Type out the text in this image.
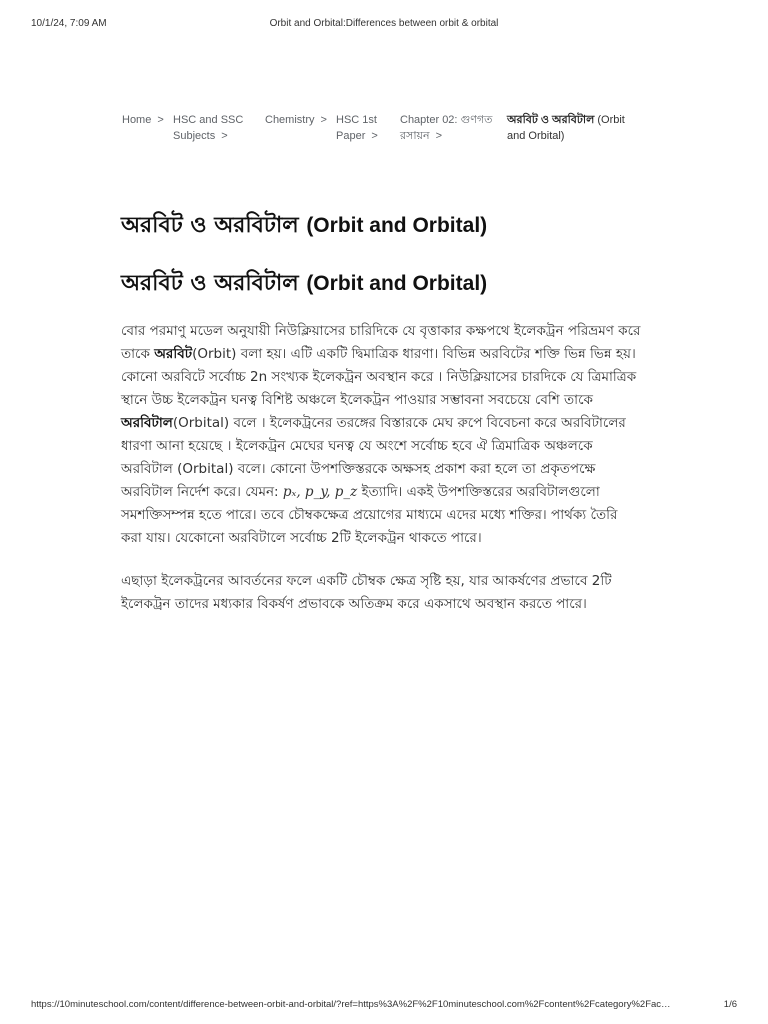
10/1/24, 7:09 AM	Orbit and Orbital:Differences between orbit & orbital
Home > HSC and SSC
Subjects >
Chemistry > HSC 1st
Paper >
Chapter 02: গুণগত
রসায়ন >
অরবিট ও অরবিটাল (Orbit
and Orbital)
অরবিট ও অরবিটাল (Orbit and Orbital)
অরবিট ও অরবিটাল (Orbit and Orbital)

বোর পরমাণু মডেল অনুযায়ী নিউক্লিয়াসের চারিদিকে যে বৃত্তাকার কক্ষপথে ইলেকট্রন পরিভ্রমণ করে তাকে অরবিট(Orbit) বলা হয়। এটি একটি দ্বিমাত্রিক ধারণা। বিভিন্ন অরবিটের শক্তি ভিন্ন ভিন্ন হয়। কোনো অরবিটে সর্বোচ্চ 2n সংখ্যক ইলেকট্রন অবস্থান করে । নিউক্লিয়াসের চারদিকে যে ত্রিমাত্রিক স্থানে উচ্চ ইলেকট্রন ঘনত্ব বিশিষ্ট অঞ্চলে ইলেকট্রন পাওয়ার সম্ভাবনা সবচেয়ে বেশি তাকে অরবিটাল(Orbital) বলে । ইলেকট্রনের তরঙ্গের বিস্তারকে মেঘ রুপে বিবেচনা করে অরবিটালের ধারণা আনা হয়েছে । ইলেকট্রন মেঘের ঘনত্ব যে অংশে সর্বোচ্চ হবে ঐ ত্রিমাত্রিক অঞ্চলকে অরবিটাল (Orbital) বলে। কোনো উপশক্তিস্তরকে অক্ষসহ প্রকাশ করা হলে তা প্রকৃতপক্ষে অরবিটাল নির্দেশ করে। যেমন: pₓ, p_y, p_z ইত্যাদি। একই উপশক্তিস্তরের অরবিটালগুলো সমশক্তিসম্পন্ন হতে পারে। তবে চৌম্বকক্ষেত্র প্রয়োগের মাধ্যমে এদের মধ্যে শক্তির। পার্থক্য তৈরি করা যায়। যেকোনো অরবিটালে সর্বোচ্চ 2টি ইলেকট্রন থাকতে পারে।

এছাড়া ইলেকট্রনের আবর্তনের ফলে একটি চৌম্বক ক্ষেত্র সৃষ্টি হয়, যার আকর্ষণের প্রভাবে 2টি ইলেকট্রন তাদের মধ্যকার বিকর্ষণ প্রভাবকে অতিক্রম করে একসাথে অবস্থান করতে পারে।

https://10minuteschool.com/content/difference-between-orbit-and-orbital/?ref=https%3A%2F%2F10minuteschool.com%2Fcontent%2Fcategory%2Fac…	1/6
